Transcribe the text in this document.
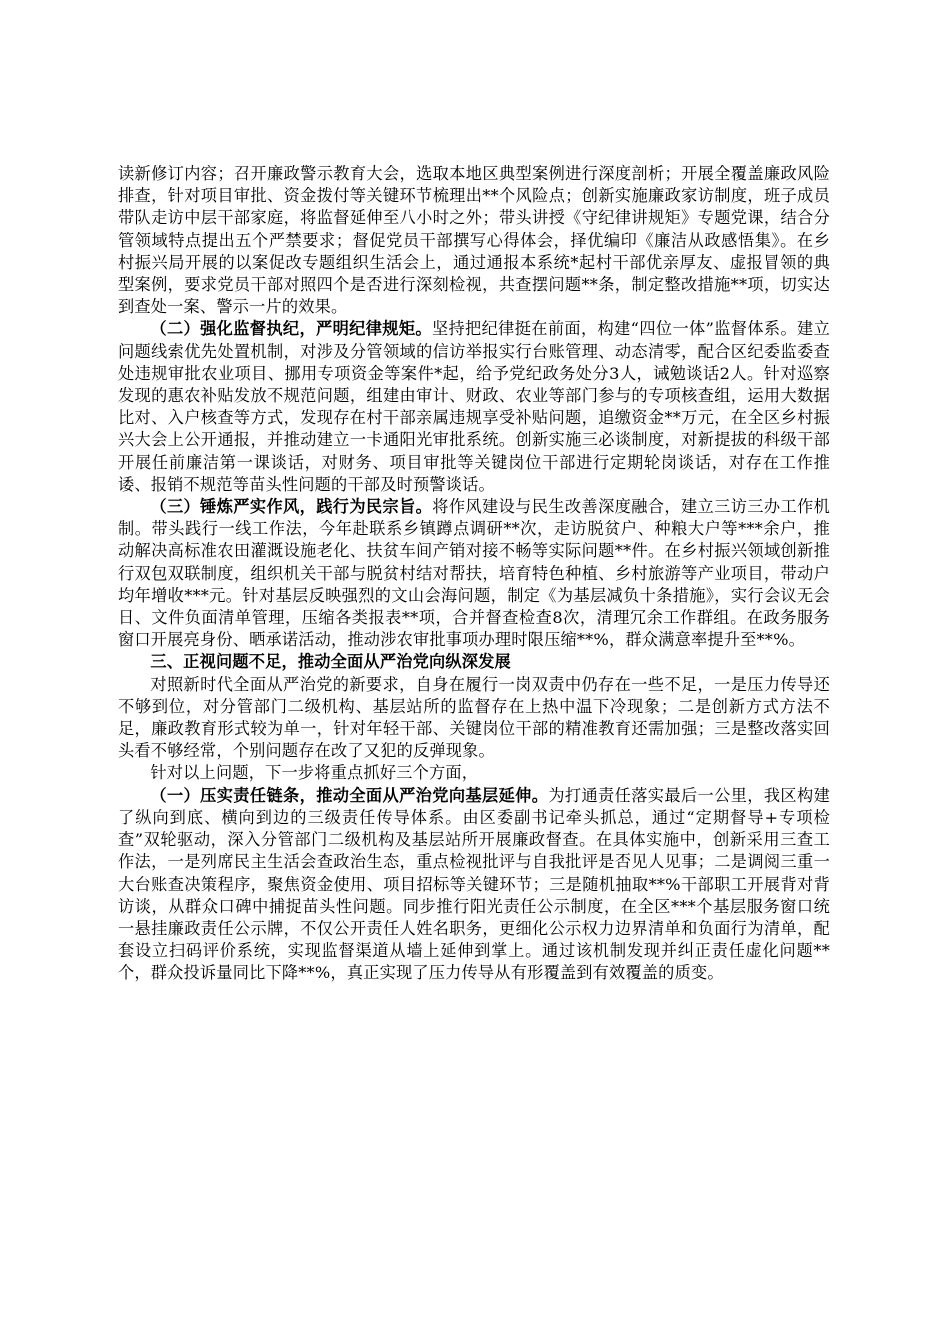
读新修订内容；召开廉政警示教育大会，选取本地区典型案例进行深度剖析；开展全覆盖廉政风险排查，针对项目审批、资金拨付等关键环节梳理出**个风险点；创新实施廉政家访制度，班子成员带队走访中层干部家庭，将监督延伸至八小时之外；带头讲授《守纪律讲规矩》专题党课，结合分管领域特点提出五个严禁要求；督促党员干部撰写心得体会，择优编印《廉洁从政感悟集》。在乡村振兴局开展的以案促改专题组织生活会上，通过通报本系统*起村干部优亲厚友、虚报冒领的典型案例，要求党员干部对照四个是否进行深刻检视，共查摆问题**条，制定整改措施**项，切实达到查处一案、警示一片的效果。

（二）强化监督执纪，严明纪律规矩。坚持把纪律挺在前面，构建“四位一体”监督体系。建立问题线索优先处置机制，对涉及分管领域的信访举报实行台账管理、动态清零，配合区纪委监委查处违规审批农业项目、挪用专项资金等案件*起，给予党纪政务处分3人，诫勉谈话2人。针对巡察发现的惠农补贴发放不规范问题，组建由审计、财政、农业等部门参与的专项核查组，运用大数据比对、入户核查等方式，发现存在村干部亲属违规享受补贴问题，追缴资金**万元，在全区乡村振兴大会上公开通报，并推动建立一卡通阳光审批系统。创新实施三必谈制度，对新提拔的科级干部开展任前廉洁第一课谈话，对财务、项目审批等关键岗位干部进行定期轮岗谈话，对存在工作推诿、报销不规范等苗头性问题的干部及时预警谈话。

（三）锤炼严实作风，践行为民宗旨。将作风建设与民生改善深度融合，建立三访三办工作机制。带头践行一线工作法，今年赴联系乡镇蹲点调研**次，走访脱贫户、种粮大户等***余户，推动解决高标准农田灌溉设施老化、扶贫车间产销对接不畅等实际问题**件。在乡村振兴领域创新推行双包双联制度，组织机关干部与脱贫村结对帮扶，培育特色种植、乡村旅游等产业项目，带动户均年增收***元。针对基层反映强烈的文山会海问题，制定《为基层减负十条措施》，实行会议无会日、文件负面清单管理，压缩各类报表**项，合并督查检查8次，清理冗余工作群组。在政务服务窗口开展亮身份、晒承诺活动，推动涉农审批事项办理时限压缩**%，群众满意率提升至**%。

三、正视问题不足，推动全面从严治党向纵深发展

对照新时代全面从严治党的新要求，自身在履行一岗双责中仍存在一些不足，一是压力传导还不够到位，对分管部门二级机构、基层站所的监督存在上热中温下冷现象；二是创新方式方法不足，廉政教育形式较为单一，针对年轻干部、关键岗位干部的精准教育还需加强；三是整改落实回头看不够经常，个别问题存在改了又犯的反弹现象。

针对以上问题，下一步将重点抓好三个方面，

（一）压实责任链条，推动全面从严治党向基层延伸。为打通责任落实最后一公里，我区构建了纵向到底、横向到边的三级责任传导体系。由区委副书记牵头抓总，通过“定期督导+专项检查”双轮驱动，深入分管部门二级机构及基层站所开展廉政督查。在具体实施中，创新采用三查工作法，一是列席民主生活会查政治生态，重点检视批评与自我批评是否见人见事；二是调阅三重一大台账查决策程序，聚焦资金使用、项目招标等关键环节；三是随机抽取**%干部职工开展背对背访谈，从群众口碑中捕捉苗头性问题。同步推行阳光责任公示制度，在全区***个基层服务窗口统一悬挂廉政责任公示牌，不仅公开责任人姓名职务，更细化公示权力边界清单和负面行为清单，配套设立扫码评价系统，实现监督渠道从墙上延伸到掌上。通过该机制发现并纠正责任虚化问题**个，群众投诉量同比下降**%，真正实现了压力传导从有形覆盖到有效覆盖的质变。
